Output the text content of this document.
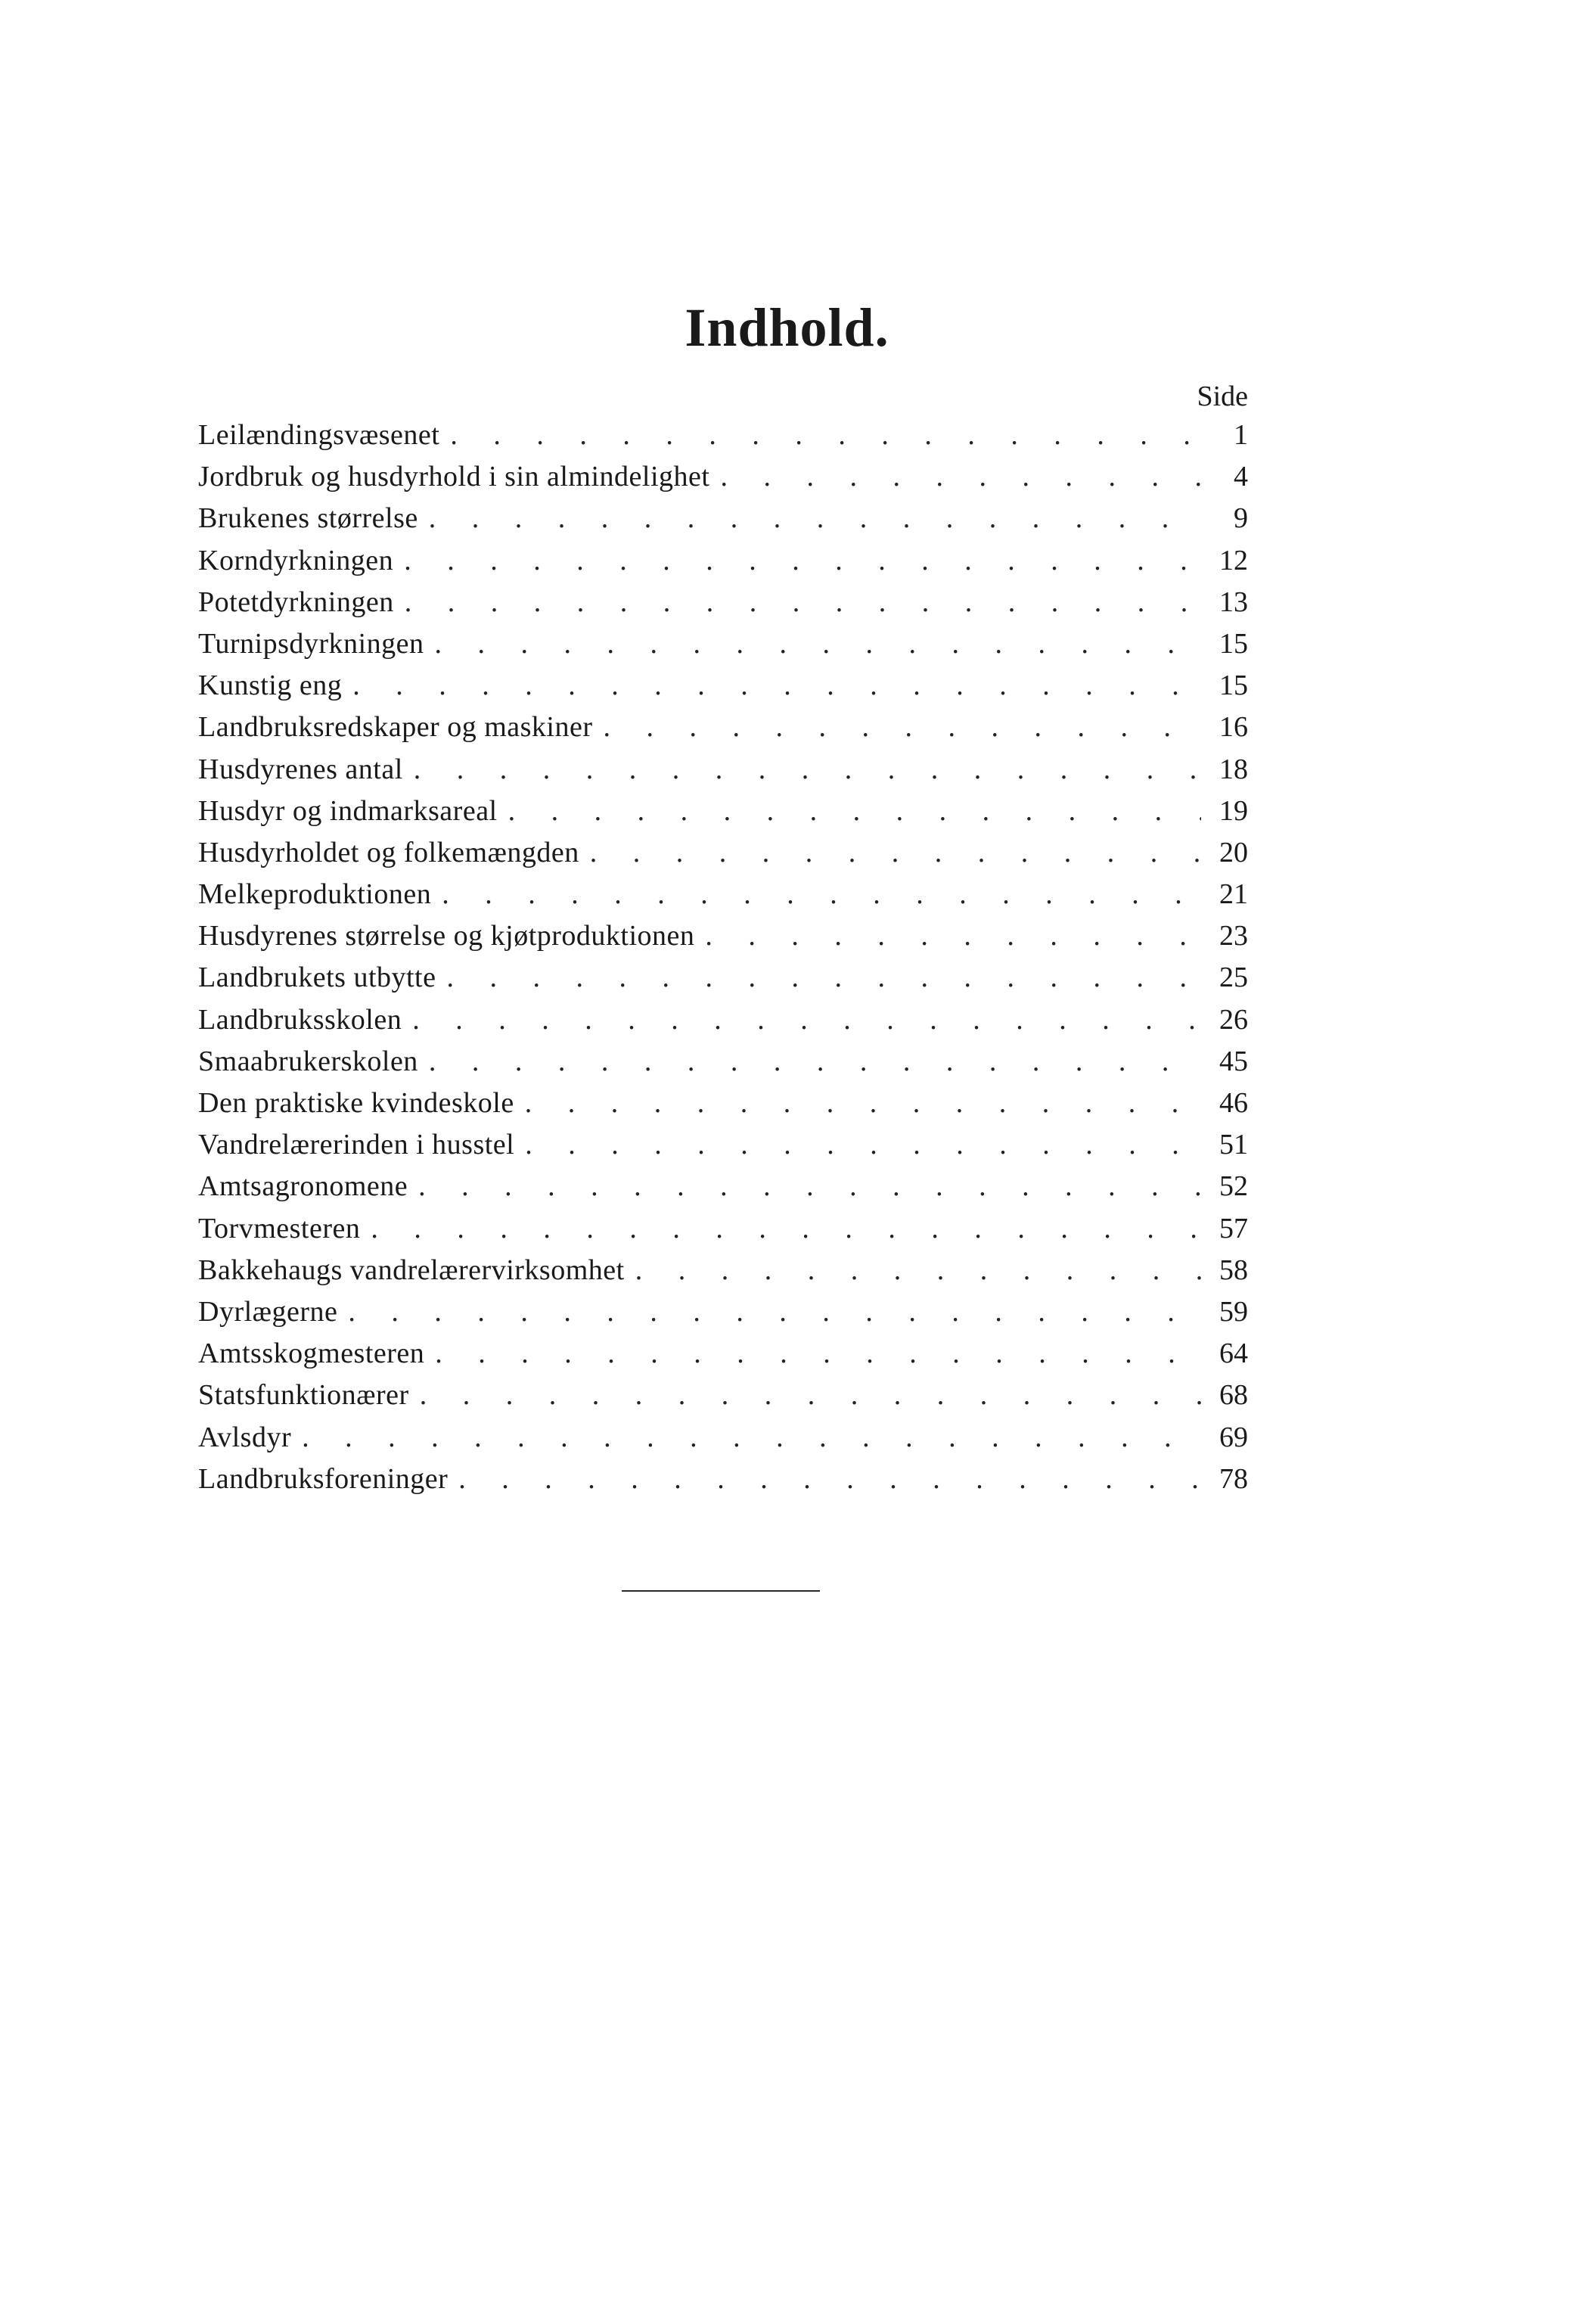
Indhold.
Side
Leilændingsvæsenet . . .	1
Jordbruk og husdyrhold i sin almindelighet . . .	4
Brukenes størrelse . . .	9
Korndyrkningen . . .	12
Potetdyrkningen . . .	13
Turnipsdyrkningen . . .	15
Kunstig eng . . .	15
Landbruksredskaper og maskiner . . .	16
Husdyrenes antal . . .	18
Husdyr og indmarksareal . . .	19
Husdyrholdet og folkemængden . . .	20
Melkeproduktionen . . .	21
Husdyrenes størrelse og kjøtproduktionen . . .	23
Landbrukets utbytte . . .	25
Landbruksskolen . . .	26
Smaabrukerskolen . . .	45
Den praktiske kvindeskole . . .	46
Vandrelærerinden i husstel . . .	51
Amtsagronomene . . .	52
Torvmesteren . . .	57
Bakkehaugs vandrelærervirksomhet . . .	58
Dyrlægerne . . .	59
Amtsskogmesteren . . .	64
Statsfunktionærer . . .	68
Avlsdyr . . .	69
Landbruksforeninger . . .	78
